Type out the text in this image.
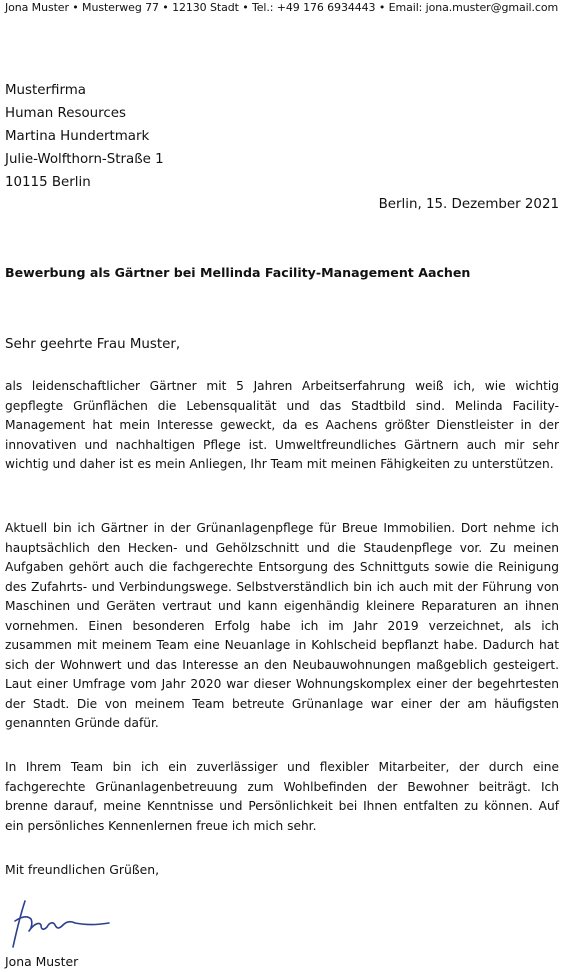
Jona Muster • Musterweg 77 • 12130 Stadt • Tel.: +49 176 6934443 • Email: jona.muster@gmail.com
Musterfirma
Human Resources
Martina Hundertmark
Julie-Wolfthorn-Straße 1
10115 Berlin
Berlin, 15. Dezember 2021
Bewerbung als Gärtner bei Mellinda Facility-Management Aachen
Sehr geehrte Frau Muster,
als leidenschaftlicher Gärtner mit 5 Jahren Arbeitserfahrung weiß ich, wie wichtig gepflegte Grünflächen die Lebensqualität und das Stadtbild sind. Melinda Facility-Management hat mein Interesse geweckt, da es Aachens größter Dienstleister in der innovativen und nachhaltigen Pflege ist. Umweltfreundliches Gärtnern auch mir sehr wichtig und daher ist es mein Anliegen, Ihr Team mit meinen Fähigkeiten zu unterstützen.
Aktuell bin ich Gärtner in der Grünanlagenpflege für Breue Immobilien. Dort nehme ich hauptsächlich den Hecken- und Gehölzschnitt und die Staudenpflege vor. Zu meinen Aufgaben gehört auch die fachgerechte Entsorgung des Schnittguts sowie die Reinigung des Zufahrts- und Verbindungswege. Selbstverständlich bin ich auch mit der Führung von Maschinen und Geräten vertraut und kann eigenhändig kleinere Reparaturen an ihnen vornehmen. Einen besonderen Erfolg habe ich im Jahr 2019 verzeichnet, als ich zusammen mit meinem Team eine Neuanlage in Kohlscheid bepflanzt habe. Dadurch hat sich der Wohnwert und das Interesse an den Neubauwohnungen maßgeblich gesteigert. Laut einer Umfrage vom Jahr 2020 war dieser Wohnungskomplex einer der begehrtesten der Stadt. Die von meinem Team betreute Grünanlage war einer der am häufigsten genannten Gründe dafür.
In Ihrem Team bin ich ein zuverlässiger und flexibler Mitarbeiter, der durch eine fachgerechte Grünanlagenbetreuung zum Wohlbefinden der Bewohner beiträgt. Ich brenne darauf, meine Kenntnisse und Persönlichkeit bei Ihnen entfalten zu können. Auf ein persönliches Kennenlernen freue ich mich sehr.
Mit freundlichen Grüßen,
Jona Muster
